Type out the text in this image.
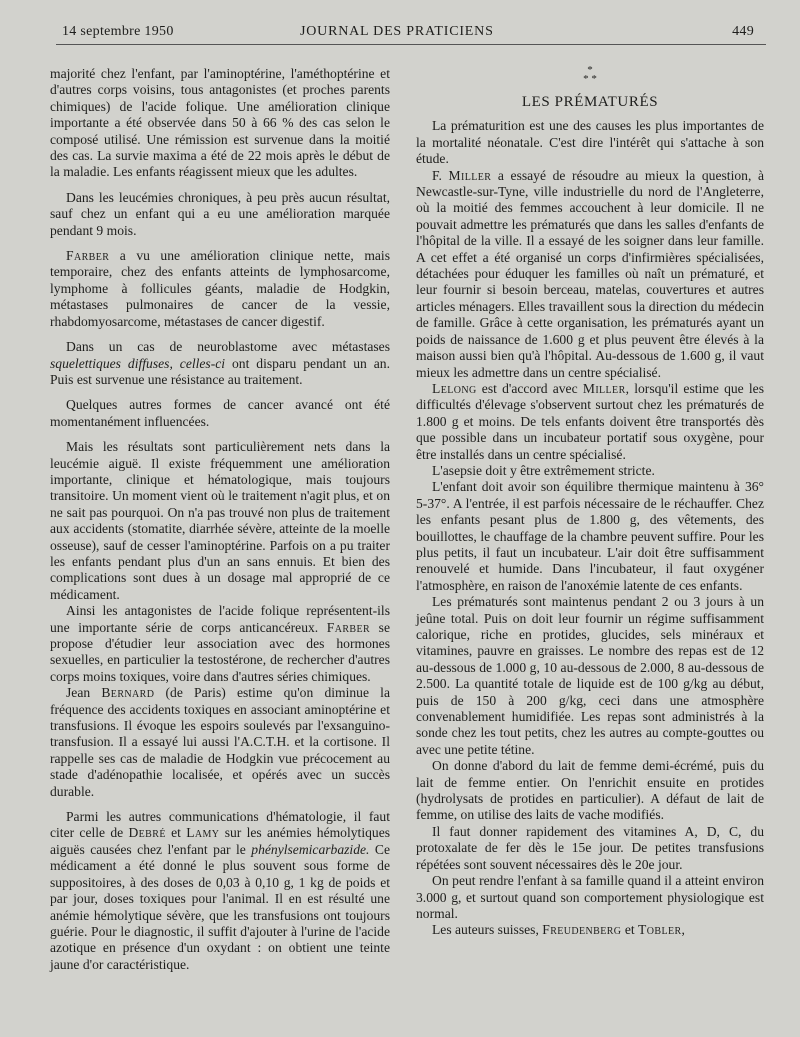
14 septembre 1950	JOURNAL DES PRATICIENS	449

majorité chez l'enfant, par l'aminoptérine, l'améthoptérine et d'autres corps voisins, tous antagonistes (et proches parents chimiques) de l'acide folique. Une amélioration clinique importante a été observée dans 50 à 66 % des cas selon le composé utilisé. Une rémission est survenue dans la moitié des cas. La survie maxima a été de 22 mois après le début de la maladie. Les enfants réagissent mieux que les adultes.

Dans les leucémies chroniques, à peu près aucun résultat, sauf chez un enfant qui a eu une amélioration marquée pendant 9 mois.

Farber a vu une amélioration clinique nette, mais temporaire, chez des enfants atteints de lymphosarcome, lymphome à follicules géants, maladie de Hodgkin, métastases pulmonaires de cancer de la vessie, rhabdomyosarcome, métastases de cancer digestif.

Dans un cas de neuroblastome avec métastases squelettiques diffuses, celles-ci ont disparu pendant un an. Puis est survenue une résistance au traitement.

Quelques autres formes de cancer avancé ont été momentanément influencées.

Mais les résultats sont particulièrement nets dans la leucémie aiguë. Il existe fréquemment une amélioration importante, clinique et hématologique, mais toujours transitoire. Un moment vient où le traitement n'agit plus, et on ne sait pas pourquoi. On n'a pas trouvé non plus de traitement aux accidents (stomatite, diarrhée sévère, atteinte de la moelle osseuse), sauf de cesser l'aminoptérine. Parfois on a pu traiter les enfants pendant plus d'un an sans ennuis. Et bien des complications sont dues à un dosage mal approprié de ce médicament.

Ainsi les antagonistes de l'acide folique représentent-ils une importante série de corps anticancéreux. Farber se propose d'étudier leur association avec des hormones sexuelles, en particulier la testostérone, de rechercher d'autres corps moins toxiques, voire dans d'autres séries chimiques.

Jean Bernard (de Paris) estime qu'on diminue la fréquence des accidents toxiques en associant aminoptérine et transfusions. Il évoque les espoirs soulevés par l'exsanguino-transfusion. Il a essayé lui aussi l'A.C.T.H. et la cortisone. Il rappelle ses cas de maladie de Hodgkin vue précocement au stade d'adénopathie localisée, et opérés avec un succès durable.

Parmi les autres communications d'hématologie, il faut citer celle de Debré et Lamy sur les anémies hémolytiques aiguës causées chez l'enfant par le phénylsemicarbazide. Ce médicament a été donné le plus souvent sous forme de suppositoires, à des doses de 0,03 à 0,10 g, 1 kg de poids et par jour, doses toxiques pour l'animal. Il en est résulté une anémie hémolytique sévère, que les transfusions ont toujours guérie. Pour le diagnostic, il suffit d'ajouter à l'urine de l'acide azotique en présence d'un oxydant : on obtient une teinte jaune d'or caractéristique.

*
* *
LES PRÉMATURÉS

La prématurition est une des causes les plus importantes de la mortalité néonatale. C'est dire l'intérêt qui s'attache à son étude.

F. Miller a essayé de résoudre au mieux la question, à Newcastle-sur-Tyne, ville industrielle du nord de l'Angleterre, où la moitié des femmes accouchent à leur domicile. Il ne pouvait admettre les prématurés que dans les salles d'enfants de l'hôpital de la ville. Il a essayé de les soigner dans leur famille. A cet effet a été organisé un corps d'infirmières spécialisées, détachées pour éduquer les familles où naît un prématuré, et leur fournir si besoin berceau, matelas, couvertures et autres articles ménagers. Elles travaillent sous la direction du médecin de famille. Grâce à cette organisation, les prématurés ayant un poids de naissance de 1.600 g et plus peuvent être élevés à la maison aussi bien qu'à l'hôpital. Au-dessous de 1.600 g, il vaut mieux les admettre dans un centre spécialisé.

Lelong est d'accord avec Miller, lorsqu'il estime que les difficultés d'élevage s'observent surtout chez les prématurés de 1.800 g et moins. De tels enfants doivent être transportés dès que possible dans un incubateur portatif sous oxygène, pour être installés dans un centre spécialisé.

L'asepsie doit y être extrêmement stricte.

L'enfant doit avoir son équilibre thermique maintenu à 36° 5-37°. A l'entrée, il est parfois nécessaire de le réchauffer. Chez les enfants pesant plus de 1.800 g, des vêtements, des bouillottes, le chauffage de la chambre peuvent suffire. Pour les plus petits, il faut un incubateur. L'air doit être suffisamment renouvelé et humide. Dans l'incubateur, il faut oxygéner l'atmosphère, en raison de l'anoxémie latente de ces enfants.

Les prématurés sont maintenus pendant 2 ou 3 jours à un jeûne total. Puis on doit leur fournir un régime suffisamment calorique, riche en protides, glucides, sels minéraux et vitamines, pauvre en graisses. Le nombre des repas est de 12 au-dessous de 1.000 g, 10 au-dessous de 2.000, 8 au-dessous de 2.500. La quantité totale de liquide est de 100 g/kg au début, puis de 150 à 200 g/kg, ceci dans une atmosphère convenablement humidifiée. Les repas sont administrés à la sonde chez les tout petits, chez les autres au compte-gouttes ou avec une petite tétine.

On donne d'abord du lait de femme demi-écrémé, puis du lait de femme entier. On l'enrichit ensuite en protides (hydrolysats de protides en particulier). A défaut de lait de femme, on utilise des laits de vache modifiés.

Il faut donner rapidement des vitamines A, D, C, du protoxalate de fer dès le 15e jour. De petites transfusions répétées sont souvent nécessaires dès le 20e jour.

On peut rendre l'enfant à sa famille quand il a atteint environ 3.000 g, et surtout quand son comportement physiologique est normal.

Les auteurs suisses, Freudenberg et Tobler,
